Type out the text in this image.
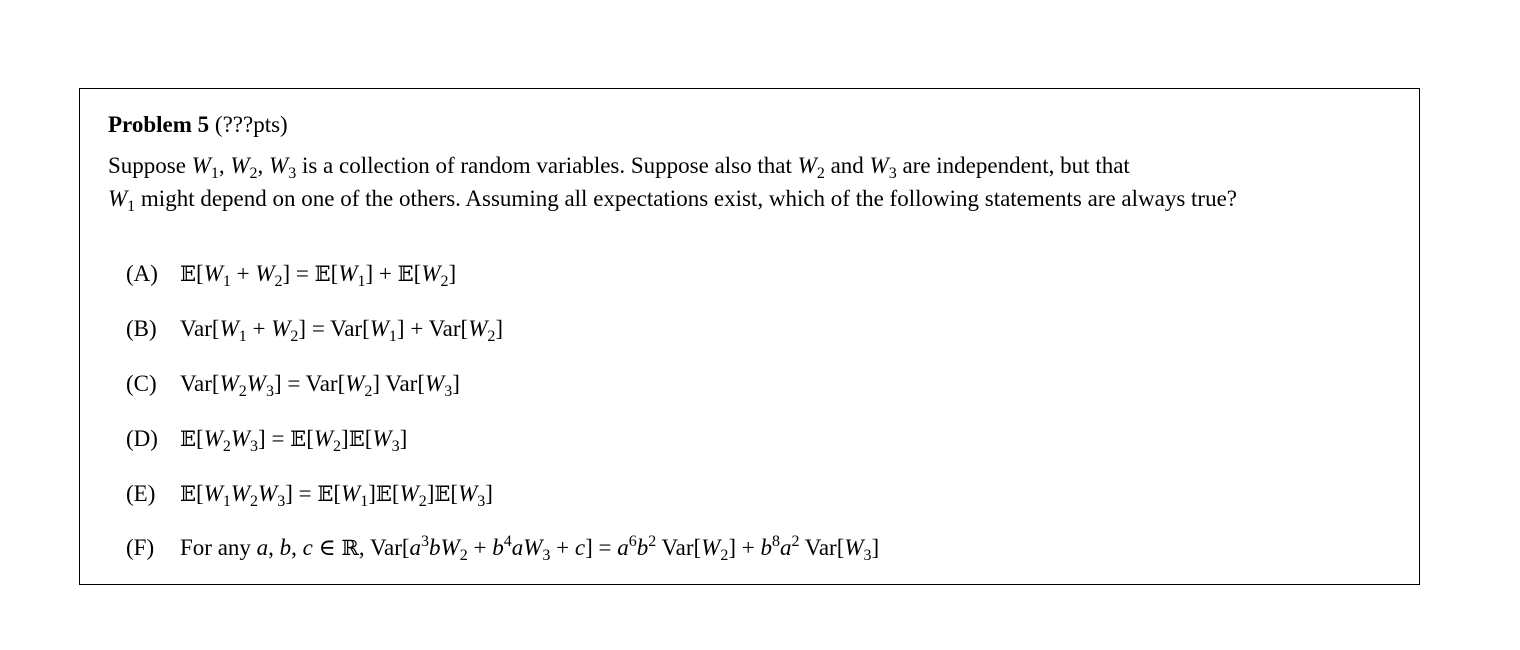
Problem 5 (???pts)
Suppose $W_1$, $W_2$, $W_3$ is a collection of random variables. Suppose also that $W_2$ and $W_3$ are independent, but that
$W_1$ might depend on one of the others. Assuming all expectations exist, which of the following statements are always true?
(A) $𝔼[W_1 + W_2]$ = $𝔼[W_1]$ + $𝔼[W_2]$
(B) $Var[W_1 + W_2] = Var[W_1] + Var[W_2]$
(C) $Var[W_2W_3] = Var[W_2]$ $Var[W_3]$
(D) $𝔼[W_2W_3]$ = $𝔼[W_2]𝔼[W_3]$
(E) $𝔼[W_1W_2W_3]$ = $𝔼[W_1]𝔼[W_2]𝔼[W_3]$
(F) For any a, b, c ∈ ℝ, $Var[a^3bW_2 + b^4aW_3 + c] = a^6b^2$ $Var[W_2] + b^8a^2$ $Var[W_3]$
